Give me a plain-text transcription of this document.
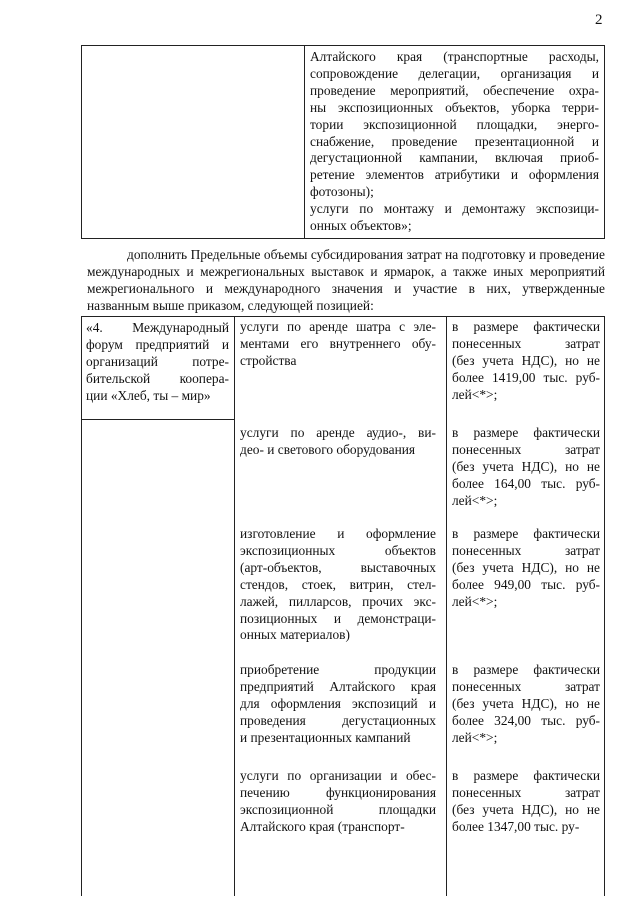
2
Алтайского края (транспортные расходы,
сопровождение делегации, организация и
проведение мероприятий, обеспечение охра-
ны экспозиционных объектов, уборка терри-
тории экспозиционной площадки, энерго-
снабжение, проведение презентационной и
дегустационной кампании, включая приоб-
ретение элементов атрибутики и оформления
фотозоны);
услуги по монтажу и демонтажу экспозици-
онных объектов»;

дополнить Предельные объемы субсидирования затрат на подготовку и проведение международных и межрегиональных выставок и ярмарок, а также иных мероприятий межрегионального и международного значения и участие в них, утвержденные названным выше приказом, следующей позицией:

«4. Международный
форум предприятий и
организаций потре-
бительской коопера-
ции «Хлеб, ты – мир»
услуги по аренде шатра с эле-
ментами его внутреннего обу-
стройства
в размере фактически
понесенных затрат
(без учета НДС), но не
более 1419,00 тыс. руб-
лей<*>;
услуги по аренде аудио-, ви-
део- и светового оборудования
в размере фактически
понесенных затрат
(без учета НДС), но не
более 164,00 тыс. руб-
лей<*>;
изготовление и оформление
экспозиционных объектов
(арт-объектов, выставочных
стендов, стоек, витрин, стел-
лажей, пилларсов, прочих экс-
позиционных и демонстраци-
онных материалов)
в размере фактически
понесенных затрат
(без учета НДС), но не
более 949,00 тыс. руб-
лей<*>;
приобретение продукции
предприятий Алтайского края
для оформления экспозиций и
проведения дегустационных
и презентационных кампаний
в размере фактически
понесенных затрат
(без учета НДС), но не
более 324,00 тыс. руб-
лей<*>;
услуги по организации и обес-
печению функционирования
экспозиционной площадки
Алтайского края (транспорт-
в размере фактически
понесенных затрат
(без учета НДС), но не
более 1347,00 тыс. ру-
